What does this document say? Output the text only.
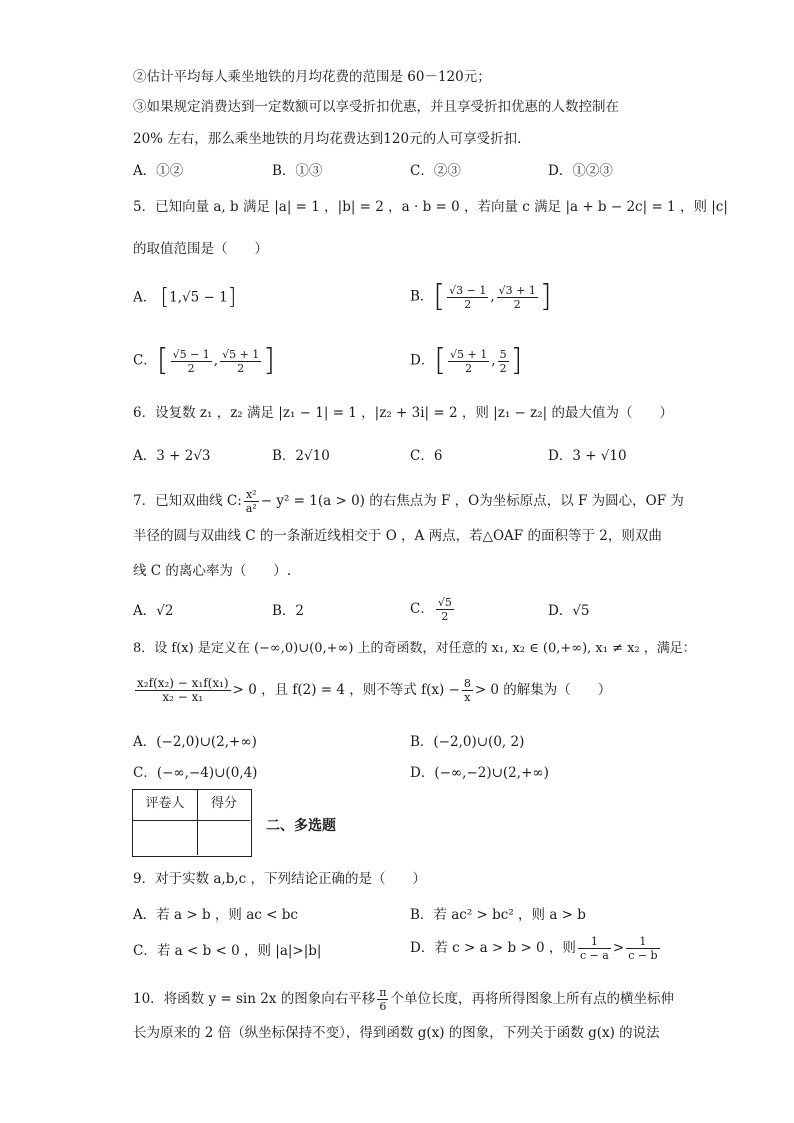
②估计平均每人乘坐地铁的月均花费的范围是 60－120元；
③如果规定消费达到一定数额可以享受折扣优惠，并且享受折扣优惠的人数控制在
20% 左右，那么乘坐地铁的月均花费达到120元的人可享受折扣．
A．①②	B．①③	C．②③	D．①②③
5．已知向量 a, b 满足 |a| = 1 ，|b| = 2 ，a · b = 0 ，若向量 c 满足 |a + b − 2c| = 1 ，则 |c|
的取值范围是（　　）
A． [1,√5 − 1]	B．[ $\frac{√3 - 1}{2}$ , $\frac{√3 + 1}{2}$ ]
C．[ $\frac{√5 - 1}{2}$ , $\frac{√5 + 1}{2}$ ]	D．[ $\frac{√5 + 1}{2}$ , $\frac{5}{2}$ ]
6．设复数 z₁ ，z₂ 满足 |z₁ − 1| = 1 ，|z₂ + 3i| = 2 ，则 |z₁ − z₂| 的最大值为（　　）
A．3 + 2√3	B．2√10	C．6	D．3 + √10
7．已知双曲线 C: $\frac{\text{x²}}{\text{a²}} - y^2 = 1(a > 0)$ 的右焦点为 F ，O为坐标原点，以 F 为圆心，OF 为
半径的圆与双曲线 C 的一条渐近线相交于 O ，A 两点，若△OAF 的面积等于 2，则双曲
线 C 的离心率为（　　）.
A．√2	B．2	C． $\frac{√5}{2}$	D．√5
8．设 f(x) 是定义在 (−∞,0)∪(0,+∞) 上的奇函数，对任意的 x₁, x₂ ∈ (0,+∞), x₁ ≠ x₂ ，满足：
$\frac{\text{x₂f(x₂) − x₁f(x₁)}}{\text{x₂ − x₁}} > 0$ ，且 f(2) = 4 ，则不等式 $f(x) - \frac{8}{x} > 0$ 的解集为（　　）
A．(−2,0)∪(2,+∞)	B．(−2,0)∪(0, 2)
C．(−∞,−4)∪(0,4)	D．(−∞,−2)∪(2,+∞)
评卷人	得分
二、多选题
9．对于实数 a,b,c ，下列结论正确的是（　　）
A．若 a > b ，则 ac < bc	B．若 ac² > bc² ，则 a > b
C．若 a < b < 0 ，则 |a|>|b|	D．若 c > a > b > 0 ，则 $\frac{1}{c - a} > \frac{1}{c - b}$
10．将函数 y = sin 2x 的图象向右平移 $\frac{\pi}{6}$ 个单位长度，再将所得图象上所有点的横坐标伸
长为原来的 2 倍（纵坐标保持不变），得到函数 g(x) 的图象，下列关于函数 g(x) 的说法
